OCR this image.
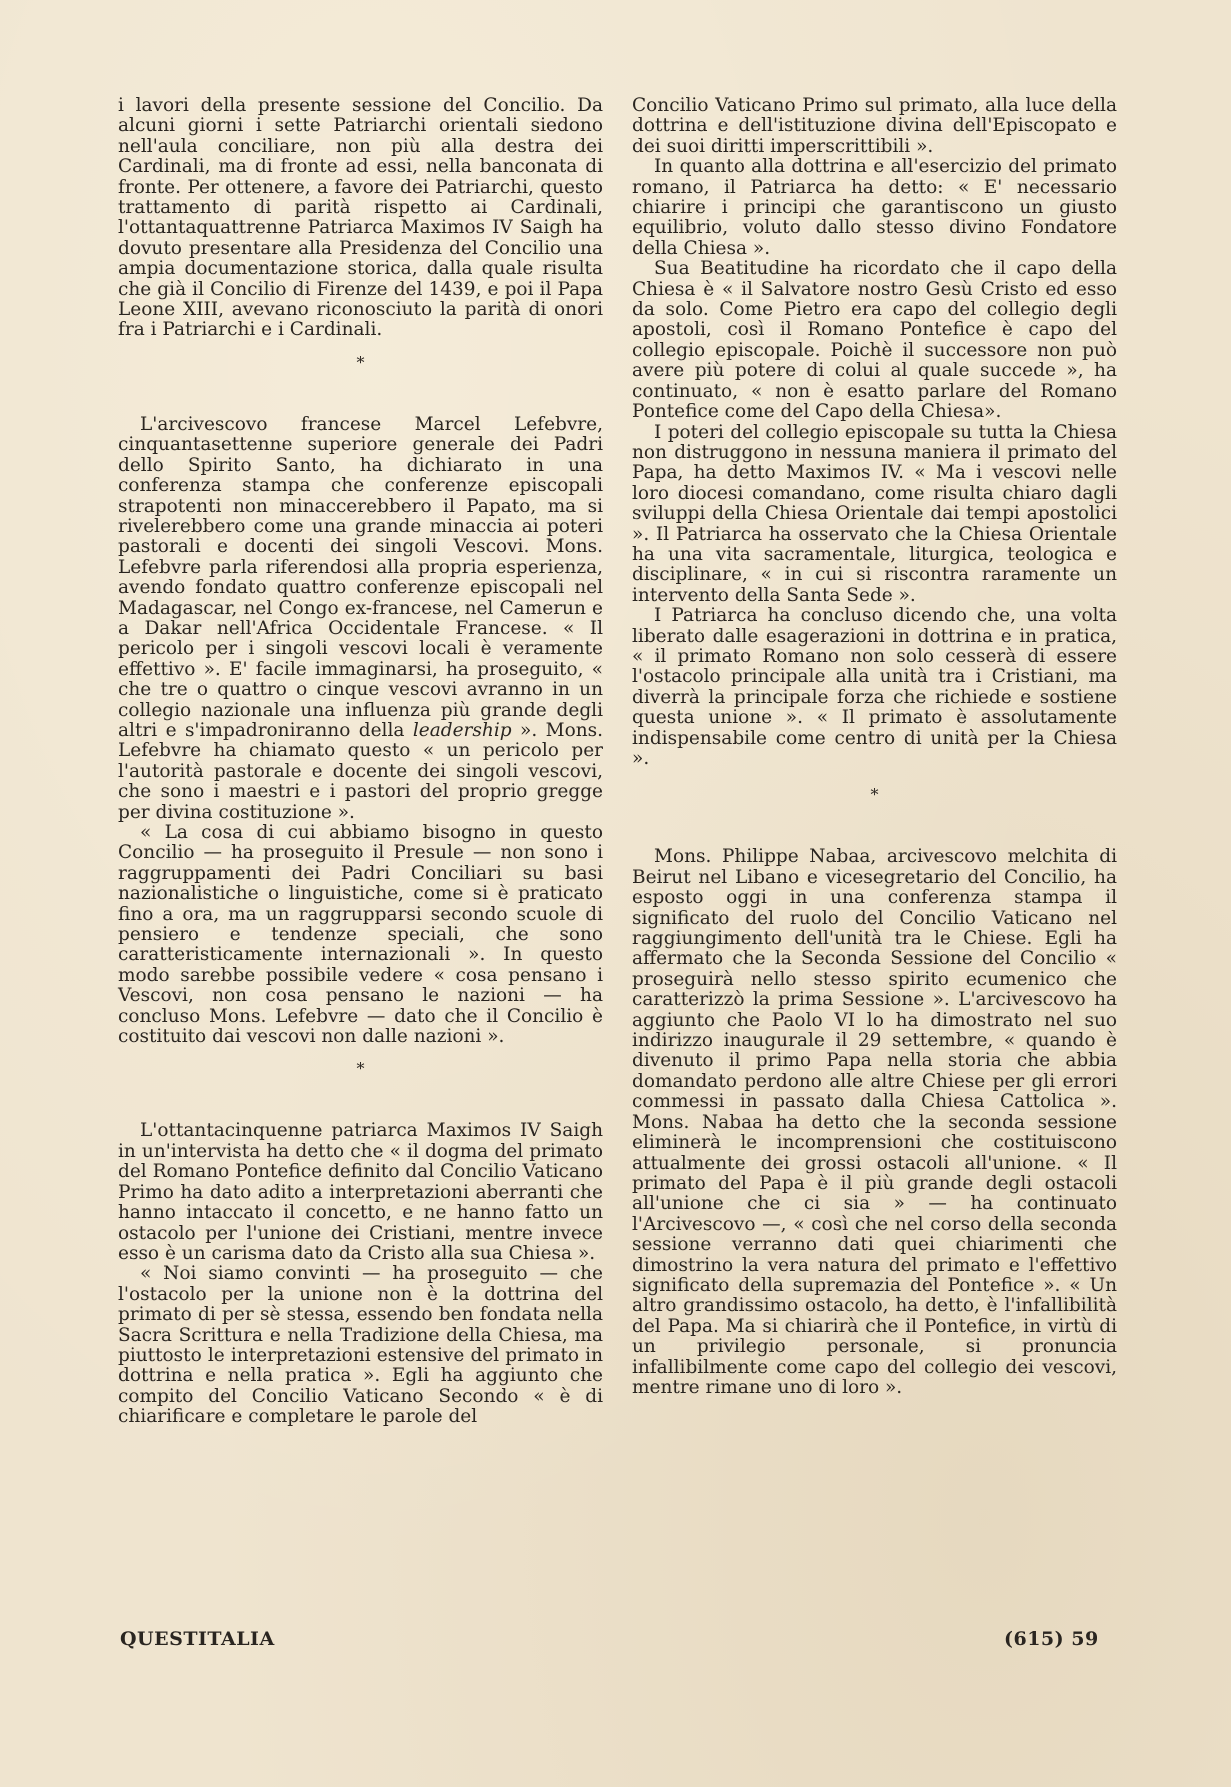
i lavori della presente sessione del Concilio. Da alcuni giorni i sette Patriarchi orientali siedono nell'aula conciliare, non più alla destra dei Cardinali, ma di fronte ad essi, nella banconata di fronte. Per ottenere, a favore dei Patriarchi, questo trattamento di parità rispetto ai Cardinali, l'ottantaquattrenne Patriarca Maximos IV Saigh ha dovuto presentare alla Presidenza del Concilio una ampia documentazione storica, dalla quale risulta che già il Concilio di Firenze del 1439, e poi il Papa Leone XIII, avevano riconosciuto la parità di onori fra i Patriarchi e i Cardinali.

*

L'arcivescovo francese Marcel Lefebvre, cinquantasettenne superiore generale dei Padri dello Spirito Santo, ha dichiarato in una conferenza stampa che conferenze episcopali strapotenti non minaccerebbero il Papato, ma si rivelerebbero come una grande minaccia ai poteri pastorali e docenti dei singoli Vescovi. Mons. Lefebvre parla riferendosi alla propria esperienza, avendo fondato quattro conferenze episcopali nel Madagascar, nel Congo ex-francese, nel Camerun e a Dakar nell'Africa Occidentale Francese. « Il pericolo per i singoli vescovi locali è veramente effettivo ». E' facile immaginarsi, ha proseguito, « che tre o quattro o cinque vescovi avranno in un collegio nazionale una influenza più grande degli altri e s'impadroniranno della leadership ». Mons. Lefebvre ha chiamato questo « un pericolo per l'autorità pastorale e docente dei singoli vescovi, che sono i maestri e i pastori del proprio gregge per divina costituzione ».

« La cosa di cui abbiamo bisogno in questo Concilio — ha proseguito il Presule — non sono i raggruppamenti dei Padri Conciliari su basi nazionalistiche o linguistiche, come si è praticato fino a ora, ma un raggrupparsi secondo scuole di pensiero e tendenze speciali, che sono caratteristicamente internazionali ». In questo modo sarebbe possibile vedere « cosa pensano i Vescovi, non cosa pensano le nazioni — ha concluso Mons. Lefebvre — dato che il Concilio è costituito dai vescovi non dalle nazioni ».

*

L'ottantacinquenne patriarca Maximos IV Saigh in un'intervista ha detto che « il dogma del primato del Romano Pontefice definito dal Concilio Vaticano Primo ha dato adito a interpretazioni aberranti che hanno intaccato il concetto, e ne hanno fatto un ostacolo per l'unione dei Cristiani, mentre invece esso è un carisma dato da Cristo alla sua Chiesa ».

« Noi siamo convinti — ha proseguito — che l'ostacolo per la unione non è la dottrina del primato di per sè stessa, essendo ben fondata nella Sacra Scrittura e nella Tradizione della Chiesa, ma piuttosto le interpretazioni estensive del primato in dottrina e nella pratica ». Egli ha aggiunto che compito del Concilio Vaticano Secondo « è di chiarificare e completare le parole del

Concilio Vaticano Primo sul primato, alla luce della dottrina e dell'istituzione divina dell'Episcopato e dei suoi diritti imperscrittibili ».

In quanto alla dottrina e all'esercizio del primato romano, il Patriarca ha detto: « E' necessario chiarire i principi che garantiscono un giusto equilibrio, voluto dallo stesso divino Fondatore della Chiesa ».

Sua Beatitudine ha ricordato che il capo della Chiesa è « il Salvatore nostro Gesù Cristo ed esso da solo. Come Pietro era capo del collegio degli apostoli, così il Romano Pontefice è capo del collegio episcopale. Poichè il successore non può avere più potere di colui al quale succede », ha continuato, « non è esatto parlare del Romano Pontefice come del Capo della Chiesa».

I poteri del collegio episcopale su tutta la Chiesa non distruggono in nessuna maniera il primato del Papa, ha detto Maximos IV. « Ma i vescovi nelle loro diocesi comandano, come risulta chiaro dagli sviluppi della Chiesa Orientale dai tempi apostolici ». Il Patriarca ha osservato che la Chiesa Orientale ha una vita sacramentale, liturgica, teologica e disciplinare, « in cui si riscontra raramente un intervento della Santa Sede ».

I Patriarca ha concluso dicendo che, una volta liberato dalle esagerazioni in dottrina e in pratica, « il primato Romano non solo cesserà di essere l'ostacolo principale alla unità tra i Cristiani, ma diverrà la principale forza che richiede e sostiene questa unione ». « Il primato è assolutamente indispensabile come centro di unità per la Chiesa ».

*

Mons. Philippe Nabaa, arcivescovo melchita di Beirut nel Libano e vicesegretario del Concilio, ha esposto oggi in una conferenza stampa il significato del ruolo del Concilio Vaticano nel raggiungimento dell'unità tra le Chiese. Egli ha affermato che la Seconda Sessione del Concilio « proseguirà nello stesso spirito ecumenico che caratterizzò la prima Sessione ». L'arcivescovo ha aggiunto che Paolo VI lo ha dimostrato nel suo indirizzo inaugurale il 29 settembre, « quando è divenuto il primo Papa nella storia che abbia domandato perdono alle altre Chiese per gli errori commessi in passato dalla Chiesa Cattolica ». Mons. Nabaa ha detto che la seconda sessione eliminerà le incomprensioni che costituiscono attualmente dei grossi ostacoli all'unione. « Il primato del Papa è il più grande degli ostacoli all'unione che ci sia » — ha continuato l'Arcivescovo —, « così che nel corso della seconda sessione verranno dati quei chiarimenti che dimostrino la vera natura del primato e l'effettivo significato della supremazia del Pontefice ». « Un altro grandissimo ostacolo, ha detto, è l'infallibilità del Papa. Ma si chiarirà che il Pontefice, in virtù di un privilegio personale, si pronuncia infallibilmente come capo del collegio dei vescovi, mentre rimane uno di loro ».

QUESTITALIA	(615) 59
